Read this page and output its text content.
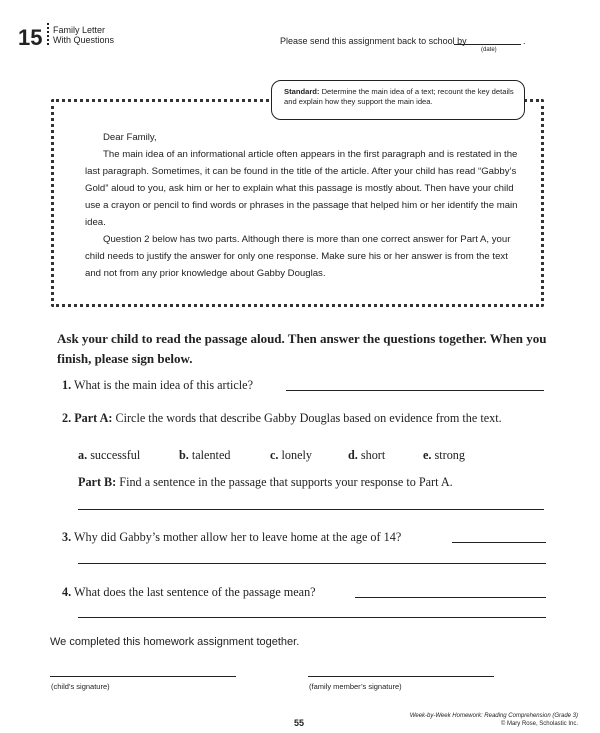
15 Family Letter
With Questions	Please send this assignment back to school by	.
(date)
Standard: Determine the main idea of a text; recount the key details and explain how they support the main idea.

Dear Family,

The main idea of an informational article often appears in the first paragraph and is restated in the last paragraph. Sometimes, it can be found in the title of the article. After your child has read “Gabby’s Gold” aloud to you, ask him or her to explain what this passage is mostly about. Then have your child use a crayon or pencil to find words or phrases in the passage that helped him or her identify the main idea.

Question 2 below has two parts. Although there is more than one correct answer for Part A, your child needs to justify the answer for only one response. Make sure his or her answer is from the text and not from any prior knowledge about Gabby Douglas.

Ask your child to read the passage aloud. Then answer the questions together. When you finish, please sign below.
1. What is the main idea of this article?
2. Part A: Circle the words that describe Gabby Douglas based on evidence from the text.
a. successful	b. talented	c. lonely	d. short	e. strong
Part B: Find a sentence in the passage that supports your response to Part A.
3. Why did Gabby’s mother allow her to leave home at the age of 14?
4. What does the last sentence of the passage mean?
We completed this homework assignment together.
(child’s signature)	(family member’s signature)
55
Week-by-Week Homework: Reading Comprehension (Grade 3)
© Mary Rose, Scholastic Inc.
